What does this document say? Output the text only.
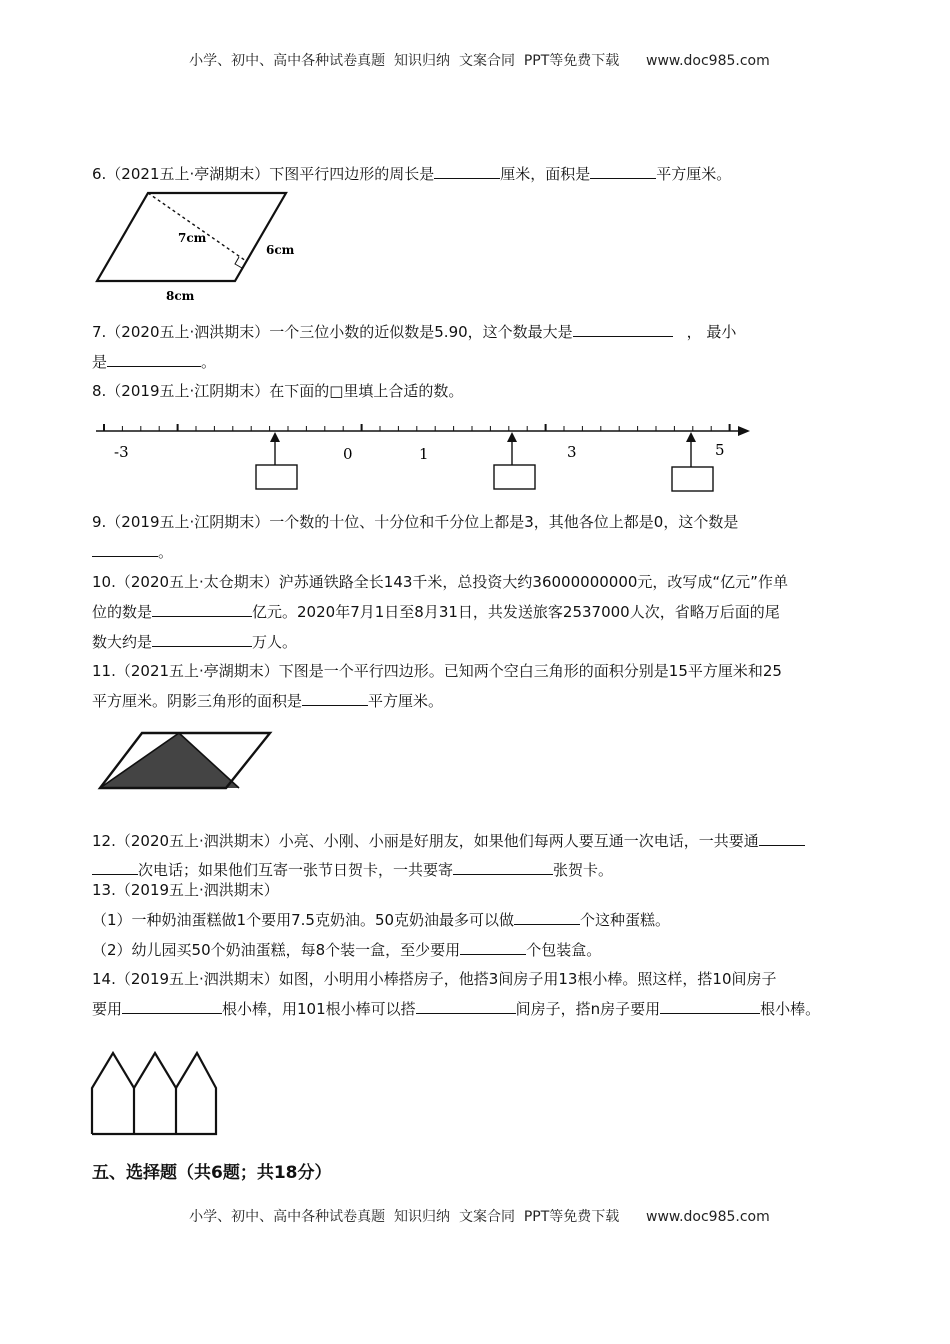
小学、初中、高中各种试卷真题  知识归纳  文案合同  PPT等免费下载 www.doc985.com

6.（2021五上·亭湖期末）下图平行四边形的周长是	厘米，面积是	平方厘米。
7cm
6cm
8cm
7.（2020五上·泗洪期末）一个三位小数的近似数是5.90，这个数最大是	， 最小
是	。
8.（2019五上·江阴期末）在下面的□里填上合适的数。
-3	0	1	3	5
9.（2019五上·江阴期末）一个数的十位、十分位和千分位上都是3，其他各位上都是0，这个数是
。
10.（2020五上·太仓期末）沪苏通铁路全长143千米，总投资大约36000000000元，改写成“亿元”作单
位的数是	亿元。2020年7月1日至8月31日，共发送旅客2537000人次，省略万后面的尾
数大约是	万人。
11.（2021五上·亭湖期末）下图是一个平行四边形。已知两个空白三角形的面积分别是15平方厘米和25
平方厘米。阴影三角形的面积是	平方厘米。
12.（2020五上·泗洪期末）小亮、小刚、小丽是好朋友，如果他们每两人要互通一次电话，一共要通
次电话；如果他们互寄一张节日贺卡，一共要寄	张贺卡。
13.（2019五上·泗洪期末）
（1）一种奶油蛋糕做1个要用7.5克奶油。50克奶油最多可以做	个这种蛋糕。
（2）幼儿园买50个奶油蛋糕，每8个装一盒，至少要用	个包装盒。
14.（2019五上·泗洪期末）如图，小明用小棒搭房子，他搭3间房子用13根小棒。照这样，搭10间房子
要用	根小棒，用101根小棒可以搭	间房子，搭n房子要用	根小棒。
五、选择题（共6题；共18分）

小学、初中、高中各种试卷真题  知识归纳  文案合同  PPT等免费下载 www.doc985.com
